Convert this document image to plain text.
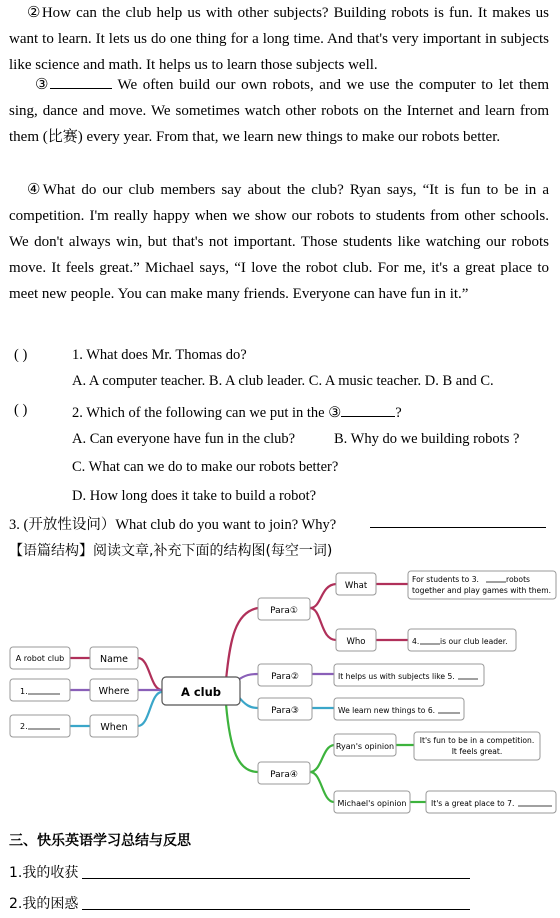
②How can the club help us with other subjects? Building robots is fun. It makes us want to learn. It lets us do one thing for a long time. And that's very important in subjects like science and math. It helps us to learn those subjects well.

③	We often build our own robots, and we use the computer to let them sing, dance and move. We sometimes watch other robots on the Internet and learn from them (比赛) every year. From that, we learn new things to make our robots better.

④What do our club members say about the club? Ryan says, “It is fun to be in a competition. I'm really happy when we show our robots to students from other schools. We don't always win, but that's not important. Those students like watching our robots move. It feels great.” Michael says, “I love the robot club. For me, it's a great place to meet new people. You can make many friends. Everyone can have fun in it.”

( )	1. What does Mr. Thomas do?
A. A computer teacher. B. A club leader. C. A music teacher. D. B and C.
( )	2. Which of the following can we put in the ③	?
A. Can everyone have fun in the club?	B. Why do we building robots ?
C. What can we do to make our robots better?
D. How long does it take to build a robot?
3. (开放性设问）What club do you want to join? Why?
【语篇结构】阅读文章,补充下面的结构图(每空一词)
A club
Name
Where
When
A robot club
1.
2.
Para①
Para②
Para③
Para④
What
For students to 3.	robots
together and play games with them.
Who	4.	is our club leader.
It helps us with subjects like 5.
We learn new things to 6.
Ryan's opinion
It's fun to be in a competition.
It feels great.
Michael's opinion	It's a great place to 7.
三、快乐英语学习总结与反思
1.我的收获
2.我的困惑
